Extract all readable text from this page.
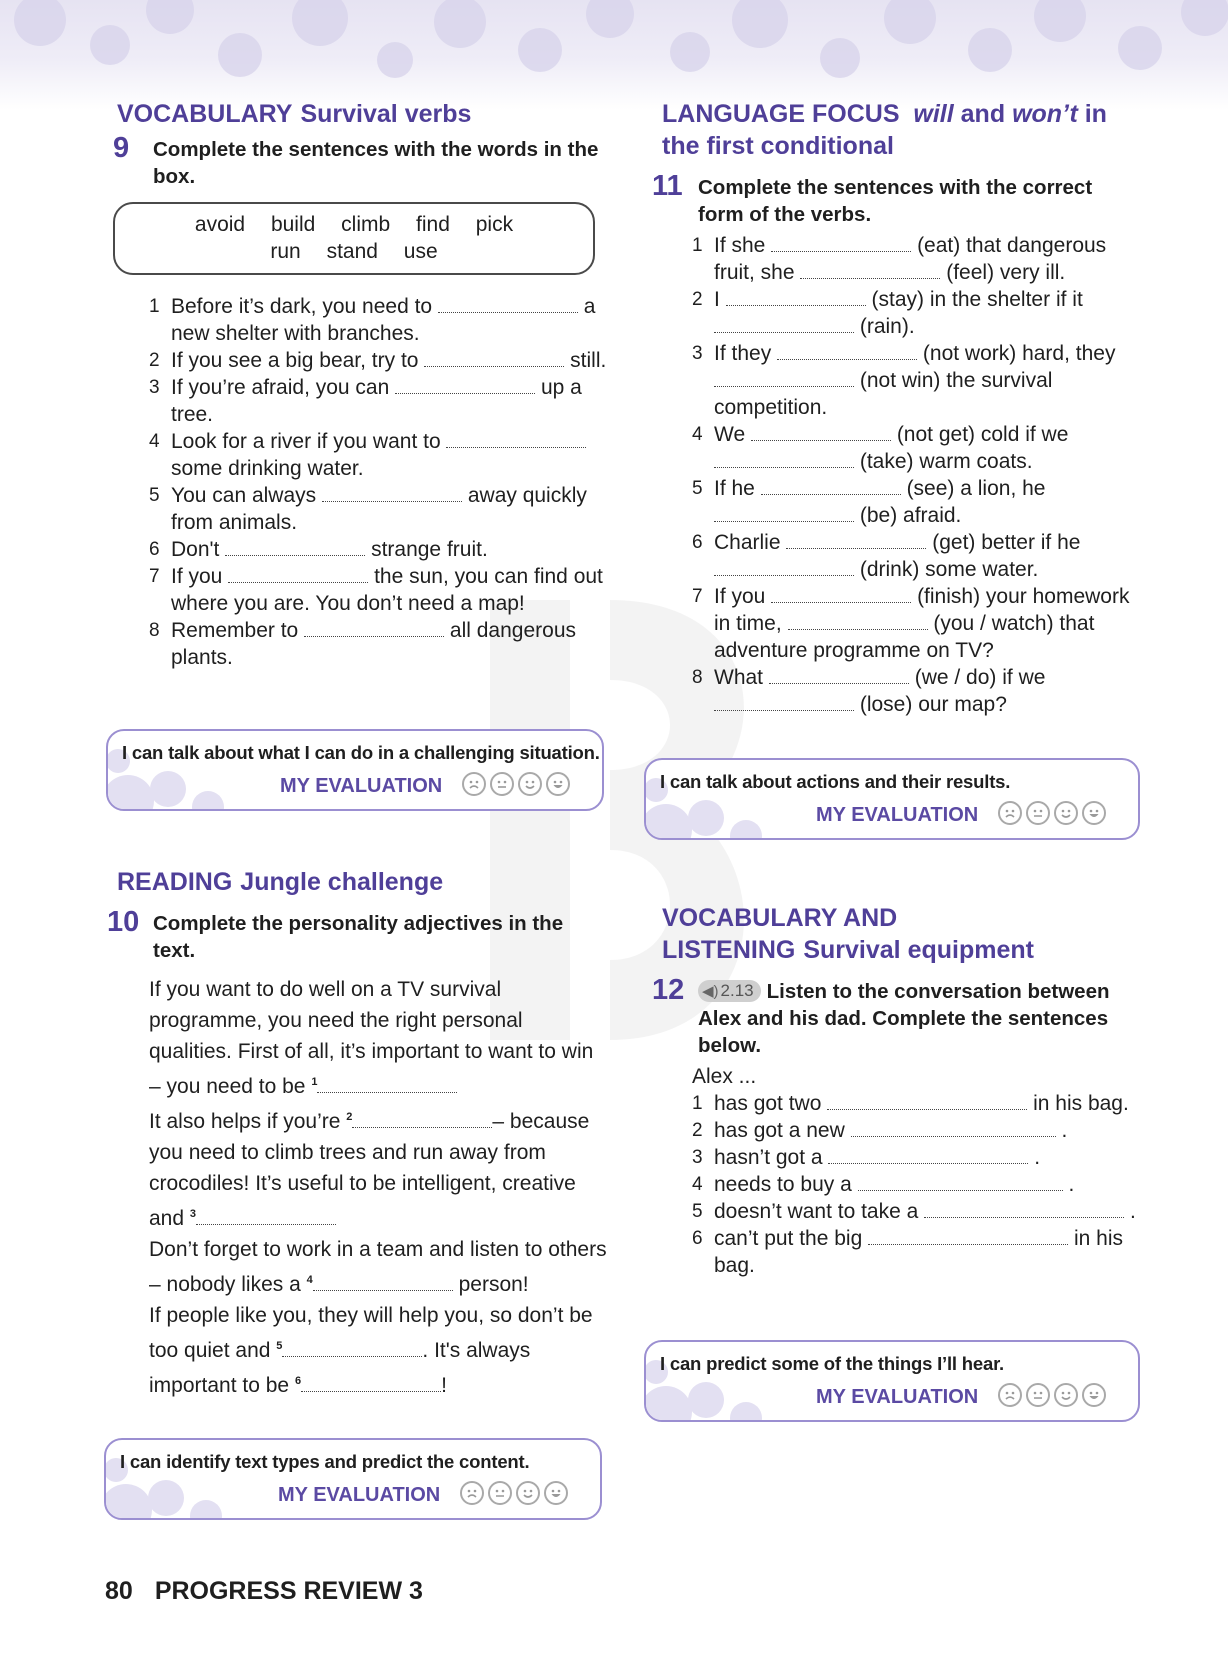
VOCABULARY Survival verbs
9 Complete the sentences with the words in the box.
avoid build climb find pick
run stand use
1 Before it’s dark, you need to	a new shelter with branches.
2 If you see a big bear, try to	still.
3 If you’re afraid, you can	up a tree.
4 Look for a river if you want to  some drinking water.
5 You can always	away quickly from animals.
6 Don't	strange fruit.
7 If you	the sun, you can find out where you are. You don’t need a map!
8 Remember to	all dangerous plants.
I can talk about what I can do in a challenging situation.
MY EVALUATION
READING Jungle challenge
10 Complete the personality adjectives in the text.

If you want to do well on a TV survival programme, you need the right personal qualities. First of all, it’s important to want to win – you need to be $^1$

It also helps if you’re $^2$	– because you need to climb trees and run away from crocodiles! It’s useful to be intelligent, creative and $^3$

Don’t forget to work in a team and listen to others – nobody likes a $^4$	person!

If people like you, they will help you, so don’t be too quiet and $^5$	. It's always important to be $^6$	!

I can identify text types and predict the content.
MY EVALUATION
LANGUAGE FOCUS will and won’t in the first conditional
11 Complete the sentences with the correct form of the verbs.
1 If she	(eat) that dangerous fruit, she	(feel) very ill.
2 I	(stay) in the shelter if it  (rain).
3 If they	(not work) hard, they  (not win) the survival competition.
4 We	(not get) cold if we  (take) warm coats.
5 If he	(see) a lion, he  (be) afraid.
6 Charlie	(get) better if he  (drink) some water.
7 If you	(finish) your homework in time,	(you / watch) that adventure programme on TV?
8 What	(we / do) if we  (lose) our map?
I can talk about actions and their results.
MY EVALUATION
VOCABULARY AND LISTENING Survival equipment
12 ◀) 2.13 Listen to the conversation between Alex and his dad. Complete the sentences below.
Alex ...
1 has got two	in his bag.
2 has got a new	.
3 hasn’t got a	.
4 needs to buy a	.
5 doesn’t want to take a	.
6 can’t put the big	in his bag.
I can predict some of the things I’ll hear.
MY EVALUATION
80 PROGRESS REVIEW 3
